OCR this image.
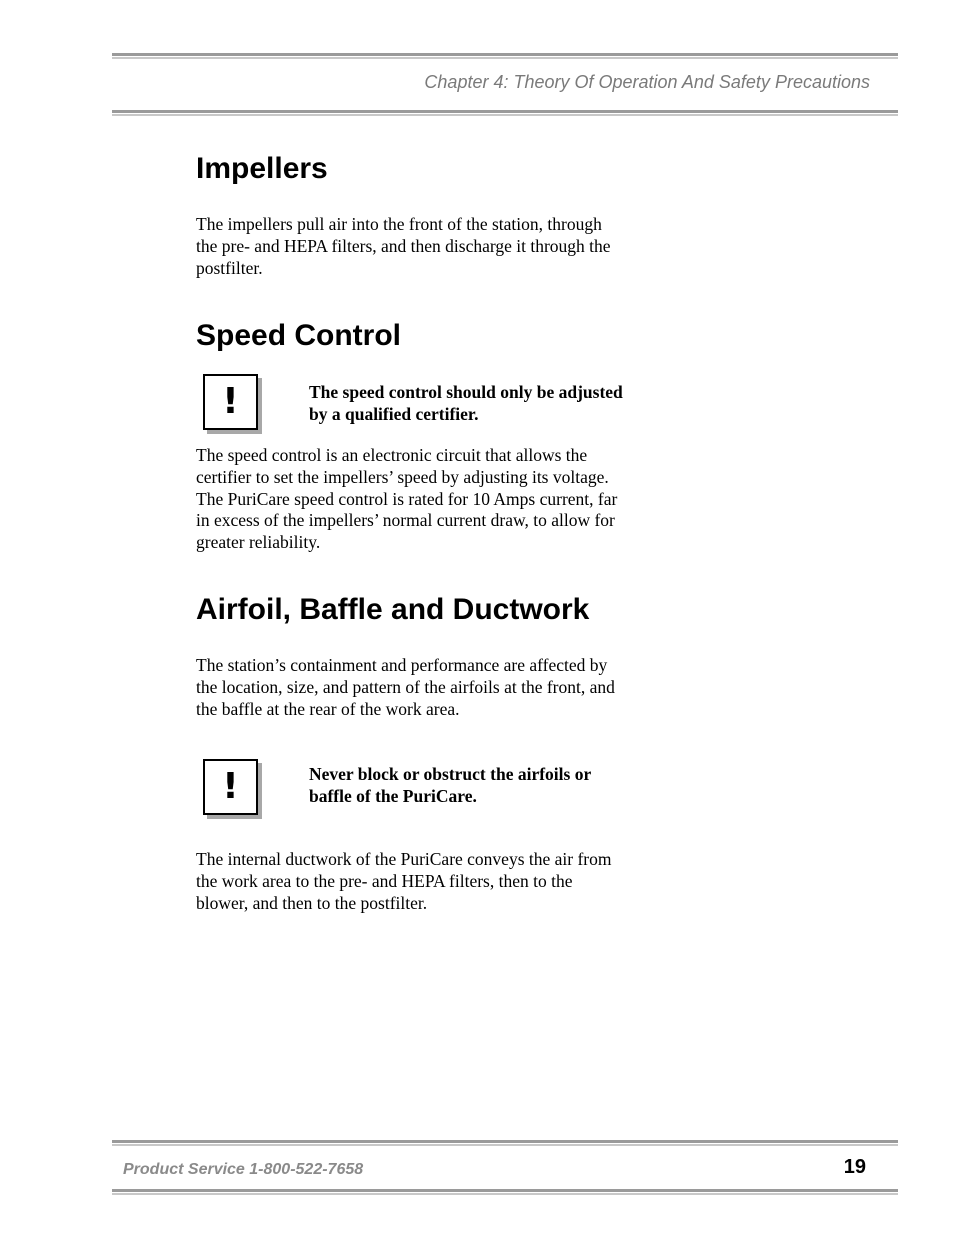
Chapter 4: Theory Of Operation And Safety Precautions
Impellers

The impellers pull air into the front of the station, through the pre- and HEPA filters, and then discharge it through the postfilter.

Speed Control
!	The speed control should only be adjusted by a qualified certifier.

The speed control is an electronic circuit that allows the certifier to set the impellers’ speed by adjusting its voltage. The PuriCare speed control is rated for 10 Amps current, far in excess of the impellers’ normal current draw, to allow for greater reliability.

Airfoil, Baffle and Ductwork

The station’s containment and performance are affected by the location, size, and pattern of the airfoils at the front, and the baffle at the rear of the work area.

!	Never block or obstruct the airfoils or baffle of the PuriCare.

The internal ductwork of the PuriCare conveys the air from the work area to the pre- and HEPA filters, then to the blower, and then to the postfilter.

Product Service 1-800-522-7658	19
